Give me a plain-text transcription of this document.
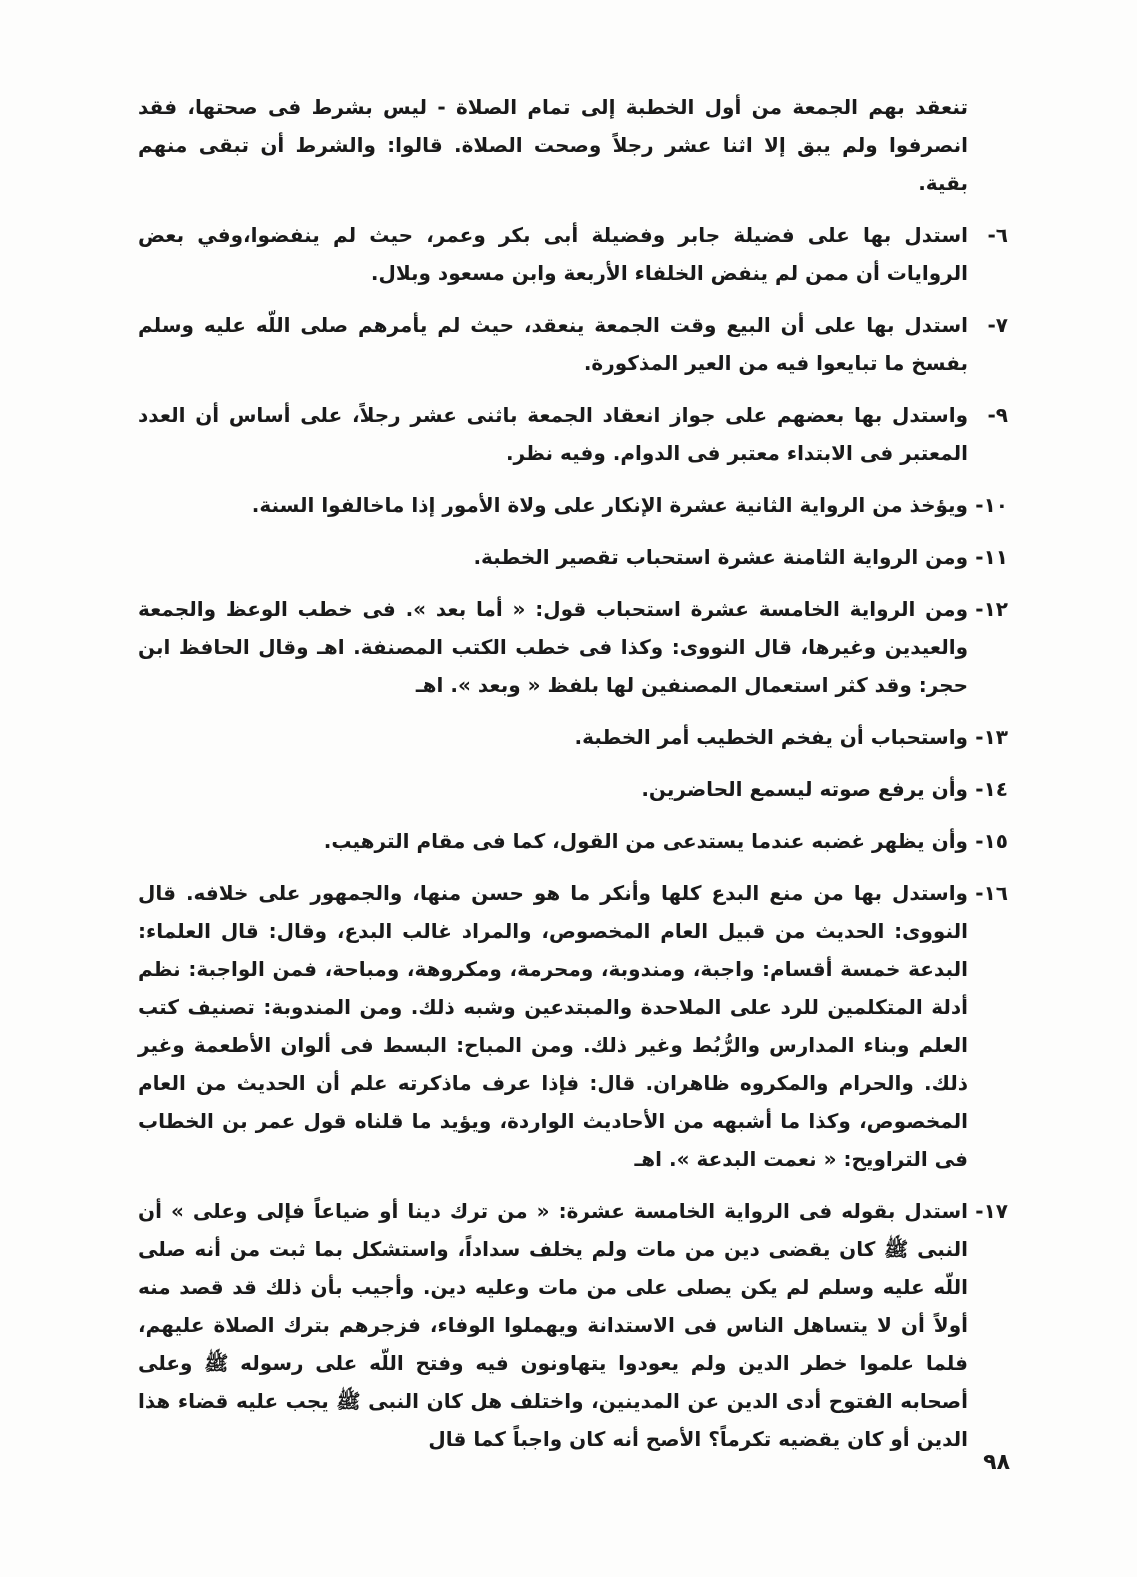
تنعقد بهم الجمعة من أول الخطبة إلى تمام الصلاة - ليس بشرط فى صحتها، فقد انصرفوا ولم يبق إلا اثنا عشر رجلاً وصحت الصلاة. قالوا: والشرط أن تبقى منهم بقية.

٦-
استدل بها على فضيلة جابر وفضيلة أبى بكر وعمر، حيث لم ينفضوا،وفي بعض الروايات أن ممن لم ينفض الخلفاء الأربعة وابن مسعود وبلال.
٧-
استدل بها على أن البيع وقت الجمعة ينعقد، حيث لم يأمرهم صلى اللّه عليه وسلم بفسخ ما تبايعوا فيه من العير المذكورة.
٩-
واستدل بها بعضهم على جواز انعقاد الجمعة باثنى عشر رجلاً، على أساس أن العدد المعتبر فى الابتداء معتبر فى الدوام. وفيه نظر.
١٠-
ويؤخذ من الرواية الثانية عشرة الإنكار على ولاة الأمور إذا ماخالفوا السنة.
١١-
ومن الرواية الثامنة عشرة استحباب تقصير الخطبة.
١٢-
ومن الرواية الخامسة عشرة استحباب قول: « أما بعد ». فى خطب الوعظ والجمعة والعيدين وغيرها، قال النووى: وكذا فى خطب الكتب المصنفة. اهـ وقال الحافظ ابن حجر: وقد كثر استعمال المصنفين لها بلفظ « وبعد ». اهـ
١٣-
واستحباب أن يفخم الخطيب أمر الخطبة.
١٤-
وأن يرفع صوته ليسمع الحاضرين.
١٥-
وأن يظهر غضبه عندما يستدعى من القول، كما فى مقام الترهيب.
١٦-
واستدل بها من منع البدع كلها وأنكر ما هو حسن منها، والجمهور على خلافه. قال النووى: الحديث من قبيل العام المخصوص، والمراد غالب البدع، وقال: قال العلماء: البدعة خمسة أقسام: واجبة، ومندوبة، ومحرمة، ومكروهة، ومباحة، فمن الواجبة: نظم أدلة المتكلمين للرد على الملاحدة والمبتدعين وشبه ذلك. ومن المندوبة: تصنيف كتب العلم وبناء المدارس والرُّبُط وغير ذلك. ومن المباح: البسط فى ألوان الأطعمة وغير ذلك. والحرام والمكروه ظاهران. قال: فإذا عرف ماذكرته علم أن الحديث من العام المخصوص، وكذا ما أشبهه من الأحاديث الواردة، ويؤيد ما قلناه قول عمر بن الخطاب فى التراويح: « نعمت البدعة ». اهـ
١٧-
استدل بقوله فى الرواية الخامسة عشرة: « من ترك دينا أو ضياعاً فإلى وعلى » أن النبى ﷺ كان يقضى دين من مات ولم يخلف سداداً، واستشكل بما ثبت من أنه صلى اللّه عليه وسلم لم يكن يصلى على من مات وعليه دين. وأجيب بأن ذلك قد قصد منه أولاً أن لا يتساهل الناس فى الاستدانة ويهملوا الوفاء، فزجرهم بترك الصلاة عليهم، فلما علموا خطر الدين ولم يعودوا يتهاونون فيه وفتح اللّه على رسوله ﷺ وعلى أصحابه الفتوح أدى الدين عن المدينين، واختلف هل كان النبى ﷺ يجب عليه قضاء هذا الدين أو كان يقضيه تكرماً؟ الأصح أنه كان واجباً كما قال
٩٨
